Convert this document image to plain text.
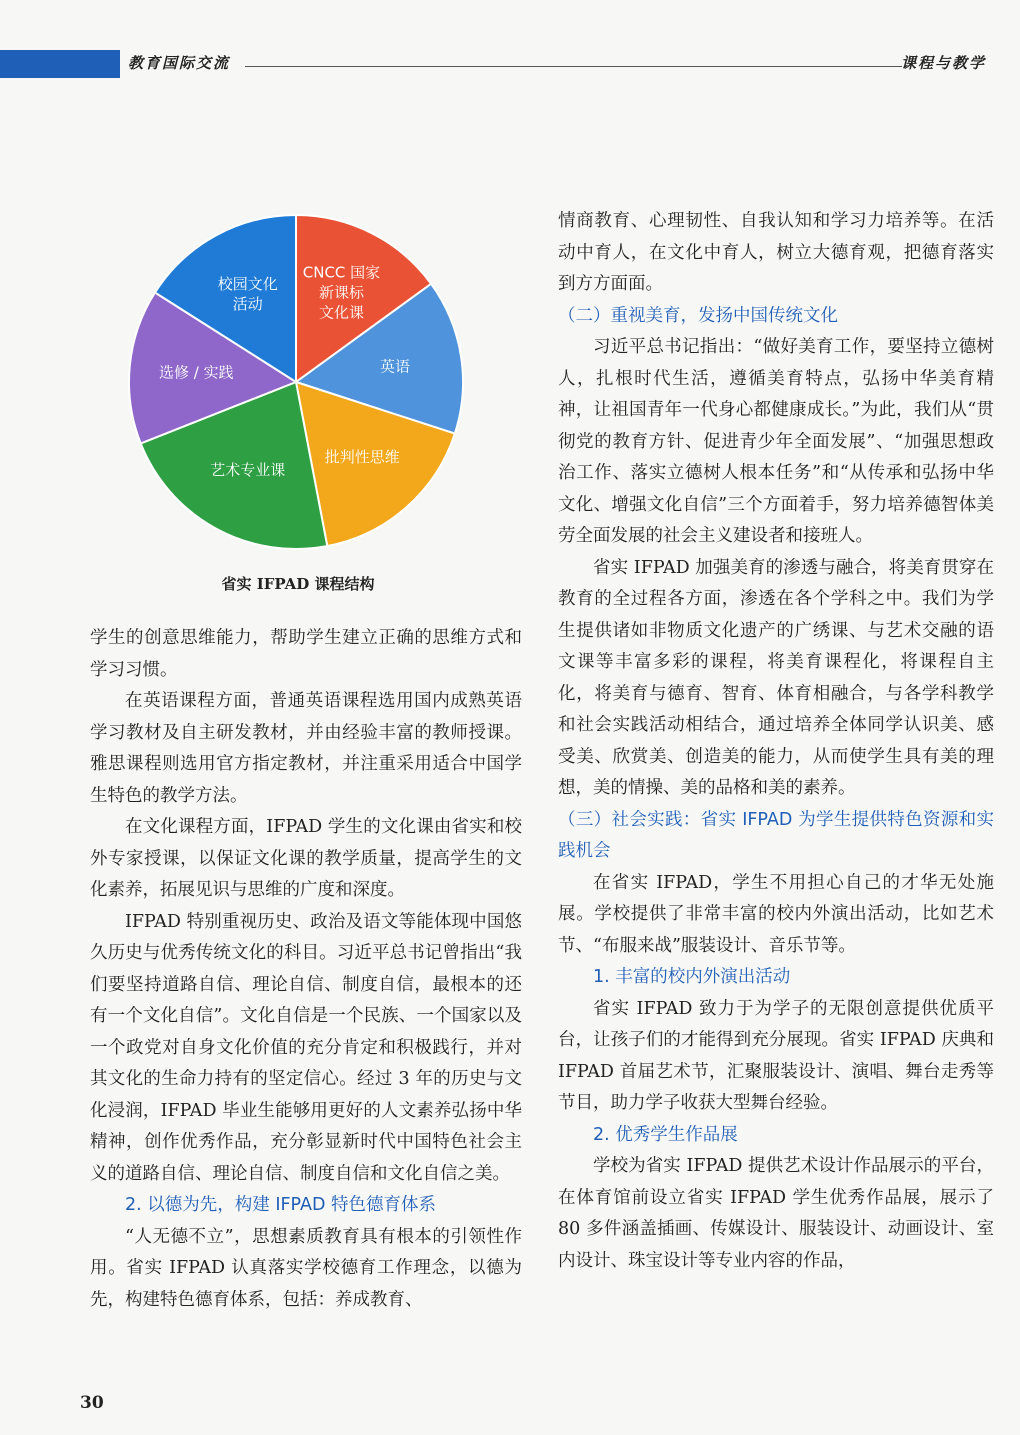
教育国际交流	课程与教学
CNCC 国家新课标文化课
英语
批判性思维
艺术专业课
选修 / 实践
校园文化活动
省实 IFPAD 课程结构

学生的创意思维能力，帮助学生建立正确的思维方式和学习习惯。

在英语课程方面，普通英语课程选用国内成熟英语学习教材及自主研发教材，并由经验丰富的教师授课。雅思课程则选用官方指定教材，并注重采用适合中国学生特色的教学方法。

在文化课程方面，IFPAD 学生的文化课由省实和校外专家授课，以保证文化课的教学质量，提高学生的文化素养，拓展见识与思维的广度和深度。

IFPAD 特别重视历史、政治及语文等能体现中国悠久历史与优秀传统文化的科目。习近平总书记曾指出“我们要坚持道路自信、理论自信、制度自信，最根本的还有一个文化自信”。文化自信是一个民族、一个国家以及一个政党对自身文化价值的充分肯定和积极践行，并对其文化的生命力持有的坚定信心。经过 3 年的历史与文化浸润，IFPAD 毕业生能够用更好的人文素养弘扬中华精神，创作优秀作品，充分彰显新时代中国特色社会主义的道路自信、理论自信、制度自信和文化自信之美。

2. 以德为先，构建 IFPAD 特色德育体系

“人无德不立”，思想素质教育具有根本的引领性作用。省实 IFPAD 认真落实学校德育工作理念，以德为先，构建特色德育体系，包括：养成教育、

情商教育、心理韧性、自我认知和学习力培养等。在活动中育人，在文化中育人，树立大德育观，把德育落实到方方面面。

（二）重视美育，发扬中国传统文化

习近平总书记指出：“做好美育工作，要坚持立德树人，扎根时代生活，遵循美育特点，弘扬中华美育精神，让祖国青年一代身心都健康成长。”为此，我们从“贯彻党的教育方针、促进青少年全面发展”、“加强思想政治工作、落实立德树人根本任务”和“从传承和弘扬中华文化、增强文化自信”三个方面着手，努力培养德智体美劳全面发展的社会主义建设者和接班人。

省实 IFPAD 加强美育的渗透与融合，将美育贯穿在教育的全过程各方面，渗透在各个学科之中。我们为学生提供诸如非物质文化遗产的广绣课、与艺术交融的语文课等丰富多彩的课程，将美育课程化，将课程自主化，将美育与德育、智育、体育相融合，与各学科教学和社会实践活动相结合，通过培养全体同学认识美、感受美、欣赏美、创造美的能力，从而使学生具有美的理想，美的情操、美的品格和美的素养。

（三）社会实践：省实 IFPAD 为学生提供特色资源和实践机会

在省实 IFPAD，学生不用担心自己的才华无处施展。学校提供了非常丰富的校内外演出活动，比如艺术节、“布服来战”服装设计、音乐节等。

1. 丰富的校内外演出活动

省实 IFPAD 致力于为学子的无限创意提供优质平台，让孩子们的才能得到充分展现。省实 IFPAD 庆典和 IFPAD 首届艺术节，汇聚服装设计、演唱、舞台走秀等节目，助力学子收获大型舞台经验。

2. 优秀学生作品展

学校为省实 IFPAD 提供艺术设计作品展示的平台，在体育馆前设立省实 IFPAD 学生优秀作品展，展示了 80 多件涵盖插画、传媒设计、服装设计、动画设计、室内设计、珠宝设计等专业内容的作品，

30
